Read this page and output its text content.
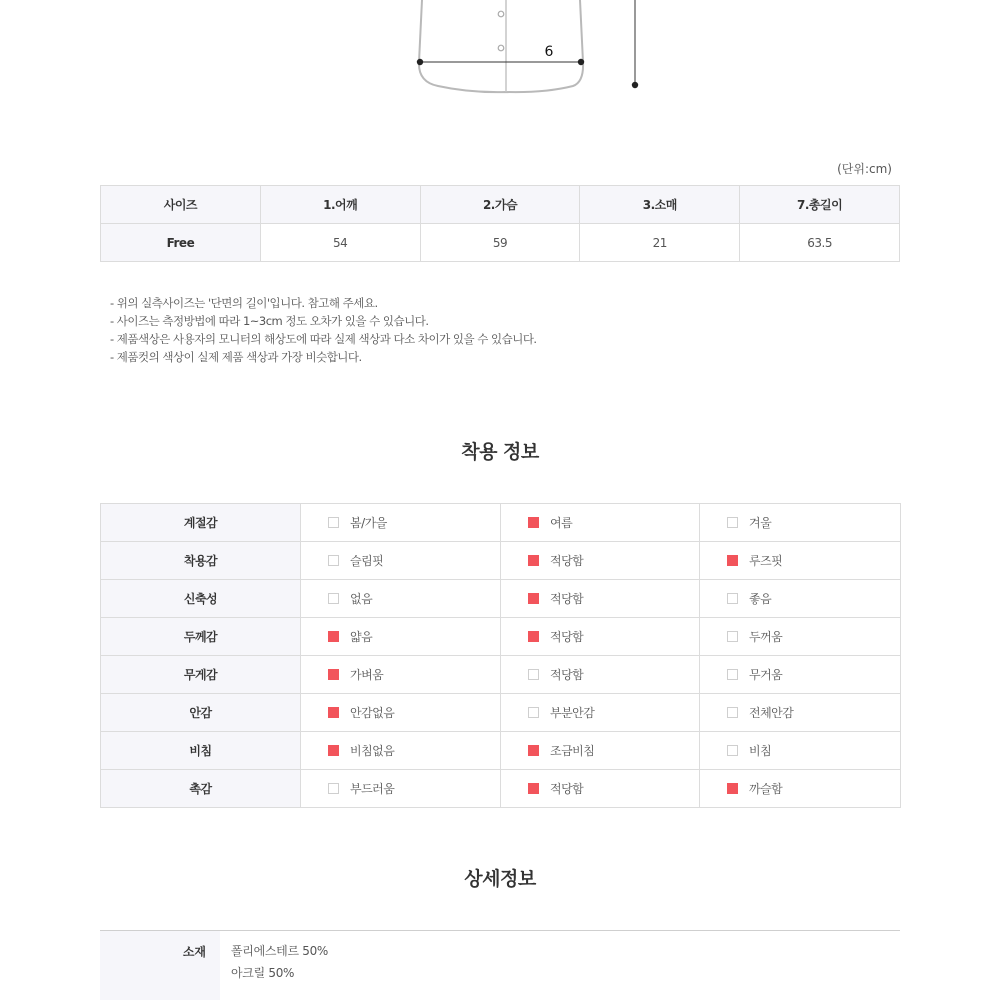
6
(단위:cm)
사이즈	1.어깨	2.가슴	3.소매	7.총길이
Free	54	59	21	63.5
- 위의 실측사이즈는 '단면의 길이'입니다. 참고해 주세요.
- 사이즈는 측정방법에 따라 1~3cm 정도 오차가 있을 수 있습니다.
- 제품색상은 사용자의 모니터의 해상도에 따라 실제 색상과 다소 차이가 있을 수 있습니다.
- 제품컷의 색상이 실제 제품 색상과 가장 비슷합니다.
착용 정보
계절감	봄/가을	여름	겨울
착용감	슬림핏	적당함	루즈핏
신축성	없음	적당함	좋음
두께감	얇음	적당함	두꺼움
무게감	가벼움	적당함	무거움
안감	안감없음	부분안감	전체안감
비침	비침없음	조금비침	비침
촉감	부드러움	적당함	까슬함
상세정보
소재	폴리에스테르 50%
아크릴 50%
